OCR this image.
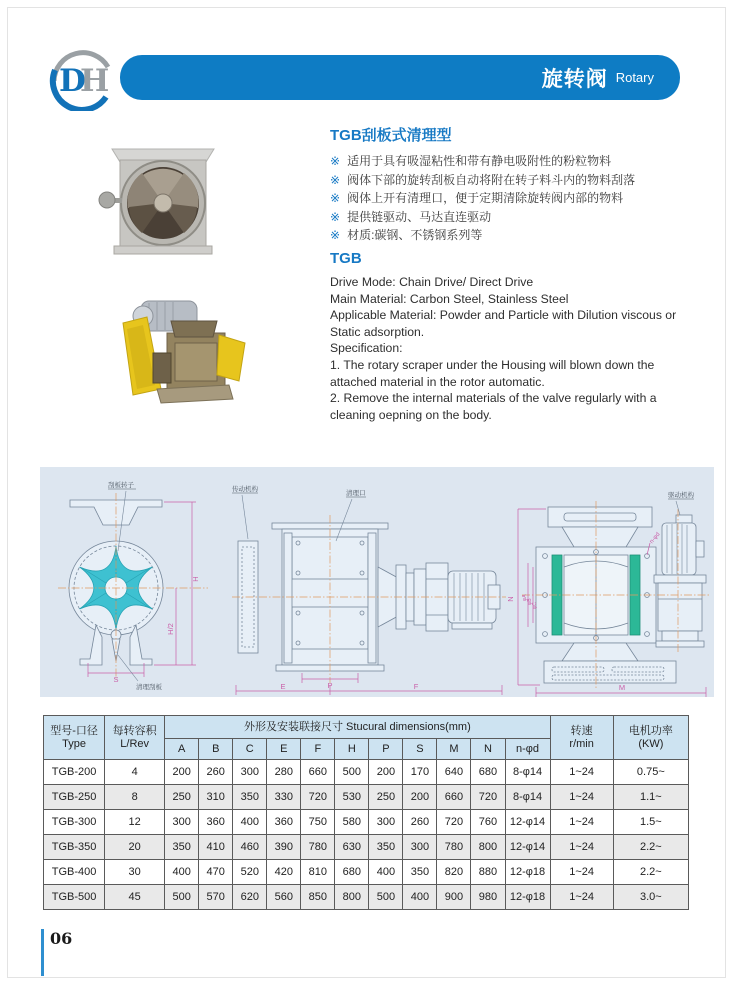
D
H	旋转阀 Rotary
TGB刮板式清理型
※ 适用于具有吸湿粘性和带有静电吸附性的粉粒物料
※ 阀体下部的旋转刮板自动将附在转子料斗内的物料刮落
※ 阀体上开有清理口，便于定期清除旋转阀内部的物料
※ 提供链驱动、马达直连驱动
※ 材质:碳钢、不锈钢系列等
TGB
Drive Mode: Chain Drive/ Direct Drive
Main Material: Carbon Steel, Stainless Steel
Applicable Material: Powder and Particle with Dilution viscous or
Static adsorption.
Specification:
1. The rotary scraper under the Housing will blown down the
attached material in the rotor automatic.
2. Remove the internal materials of the valve regularly with a
cleaning oepning on the body.
H
H/2
S
P
E	F
N
M
n-φd
φA
φB
φC
刮板转子
清理刮板
传动机构
清理口	驱动机构
型号-口径
Type

每转容积
L/Rev
	外形及安装联接尺寸 Stucural dimensions(mm)	转速
r/min

电机功率
(KW)

		A	B	C	E	F	H	P	S	M	N	n-φd		
TGB-200	4	200	260	300	280	660	500	200	170	640	680	8-φ14	1~24	0.75~
TGB-250	8	250	310	350	330	720	530	250	200	660	720	8-φ14	1~24	1.1~
TGB-300	12	300	360	400	360	750	580	300	260	720	760	12-φ14	1~24	1.5~
TGB-350	20	350	410	460	390	780	630	350	300	780	800	12-φ14	1~24	2.2~
TGB-400	30	400	470	520	420	810	680	400	350	820	880	12-φ18	1~24	2.2~
TGB-500	45	500	570	620	560	850	800	500	400	900	980	12-φ18	1~24	3.0~
06
